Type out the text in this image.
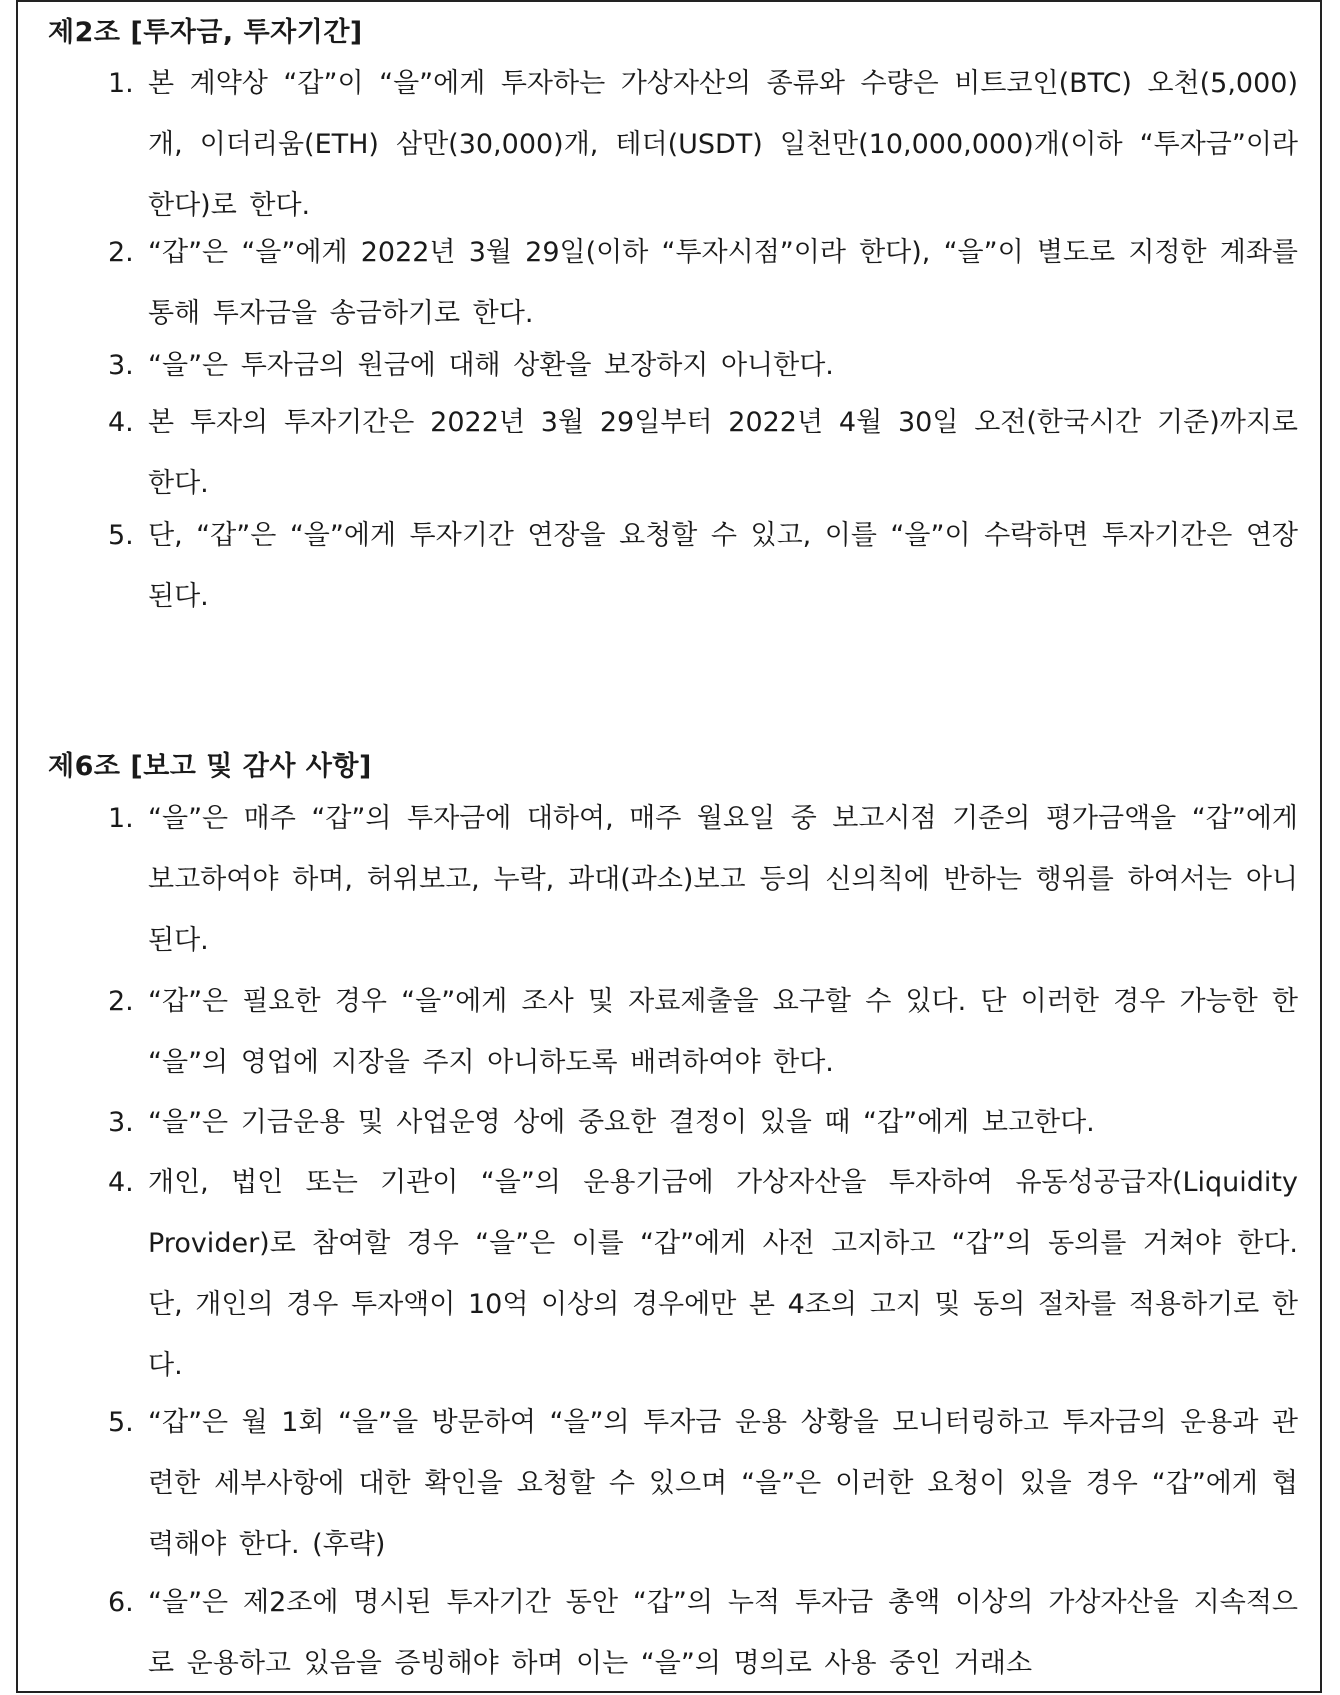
제2조 [투자금, 투자기간]
1. 본 계약상 “갑”이 “을”에게 투자하는 가상자산의 종류와 수량은 비트코인(BTC) 오천(5,000)개, 이더리움(ETH) 삼만(30,000)개, 테더(USDT) 일천만(10,000,000)개(이하 “투자금”이라 한다)로 한다.
2. “갑”은 “을”에게 2022년 3월 29일(이하 “투자시점”이라 한다), “을”이 별도로 지정한 계좌를 통해 투자금을 송금하기로 한다.
3. “을”은 투자금의 원금에 대해 상환을 보장하지 아니한다.
4. 본 투자의 투자기간은 2022년 3월 29일부터 2022년 4월 30일 오전(한국시간 기준)까지로 한다.
5. 단, “갑”은 “을”에게 투자기간 연장을 요청할 수 있고, 이를 “을”이 수락하면 투자기간은 연장된다.
제6조 [보고 및 감사 사항]
1. “을”은 매주 “갑”의 투자금에 대하여, 매주 월요일 중 보고시점 기준의 평가금액을 “갑”에게 보고하여야 하며, 허위보고, 누락, 과대(과소)보고 등의 신의칙에 반하는 행위를 하여서는 아니 된다.
2. “갑”은 필요한 경우 “을”에게 조사 및 자료제출을 요구할 수 있다. 단 이러한 경우 가능한 한 “을”의 영업에 지장을 주지 아니하도록 배려하여야 한다.
3. “을”은 기금운용 및 사업운영 상에 중요한 결정이 있을 때 “갑”에게 보고한다.
4. 개인, 법인 또는 기관이 “을”의 운용기금에 가상자산을 투자하여 유동성공급자(Liquidity Provider)로 참여할 경우 “을”은 이를 “갑”에게 사전 고지하고 “갑”의 동의를 거쳐야 한다. 단, 개인의 경우 투자액이 10억 이상의 경우에만 본 4조의 고지 및 동의 절차를 적용하기로 한다.
5. “갑”은 월 1회 “을”을 방문하여 “을”의 투자금 운용 상황을 모니터링하고 투자금의 운용과 관련한 세부사항에 대한 확인을 요청할 수 있으며 “을”은 이러한 요청이 있을 경우 “갑”에게 협력해야 한다. (후략)
6. “을”은 제2조에 명시된 투자기간 동안 “갑”의 누적 투자금 총액 이상의 가상자산을 지속적으로 운용하고 있음을 증빙해야 하며 이는 “을”의 명의로 사용 중인 거래소
